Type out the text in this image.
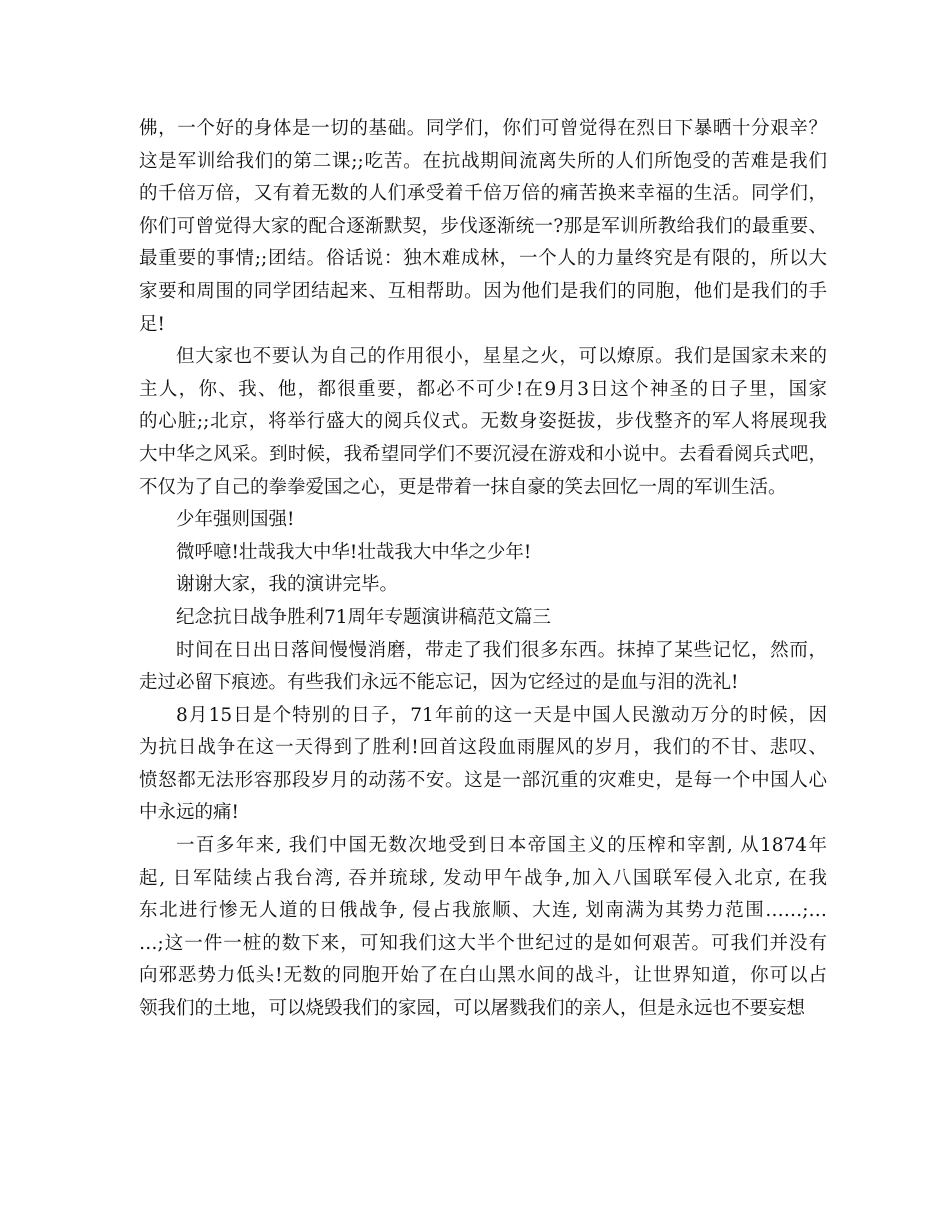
佛，一个好的身体是一切的基础。同学们，你们可曾觉得在烈日下暴晒十分艰辛？
这是军训给我们的第二课;;吃苦。在抗战期间流离失所的人们所饱受的苦难是我们
的千倍万倍，又有着无数的人们承受着千倍万倍的痛苦换来幸福的生活。同学们，
你们可曾觉得大家的配合逐渐默契，步伐逐渐统一?那是军训所教给我们的最重要、
最重要的事情;;团结。俗话说：独木难成林，一个人的力量终究是有限的，所以大
家要和周围的同学团结起来、互相帮助。因为他们是我们的同胞，他们是我们的手
足!
但大家也不要认为自己的作用很小，星星之火，可以燎原。我们是国家未来的
主人，你、我、他，都很重要，都必不可少!在9月3日这个神圣的日子里，国家
的心脏;;北京，将举行盛大的阅兵仪式。无数身姿挺拔，步伐整齐的军人将展现我
大中华之风采。到时候，我希望同学们不要沉浸在游戏和小说中。去看看阅兵式吧，
不仅为了自己的拳拳爱国之心，更是带着一抹自豪的笑去回忆一周的军训生活。
少年强则国强!
微呼噫!壮哉我大中华!壮哉我大中华之少年!
谢谢大家，我的演讲完毕。
纪念抗日战争胜利71周年专题演讲稿范文篇三
时间在日出日落间慢慢消磨，带走了我们很多东西。抹掉了某些记忆，然而，
走过必留下痕迹。有些我们永远不能忘记，因为它经过的是血与泪的洗礼!
8月15日是个特别的日子，71年前的这一天是中国人民激动万分的时候，因
为抗日战争在这一天得到了胜利!回首这段血雨腥风的岁月，我们的不甘、悲叹、
愤怒都无法形容那段岁月的动荡不安。这是一部沉重的灾难史，是每一个中国人心
中永远的痛!
一百多年来, 我们中国无数次地受到日本帝国主义的压榨和宰割, 从1874年
起, 日军陆续占我台湾, 吞并琉球, 发动甲午战争,加入八国联军侵入北京, 在我
东北进行惨无人道的日俄战争, 侵占我旅顺、大连, 划南满为其势力范围……;…
…;这一件一桩的数下来，可知我们这大半个世纪过的是如何艰苦。可我们并没有
向邪恶势力低头!无数的同胞开始了在白山黑水间的战斗，让世界知道，你可以占
领我们的土地，可以烧毁我们的家园，可以屠戮我们的亲人，但是永远也不要妄想
